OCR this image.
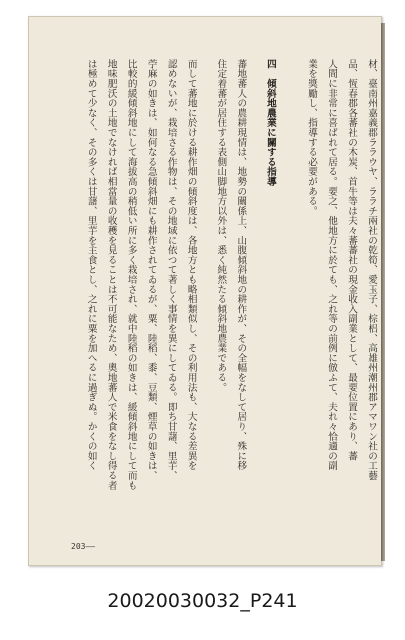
材、臺南州嘉義郡ララウヤ、ララチ兩社の乾筍、愛玉子、棕梠、高雄州潮州郡アマワン社の工藝
品、恆春郡各蕃社の木炭、首牛等は夫々蕃蕃社の現金收入副業として、最要位置にあり、蕃
人間に非常に喜ばれて居る。要之、他地方に於ても、之れ等の前例に倣ふて、夫れ々恰適の副
業を獎勵し、指導する必要がある。
四　傾斜地農業に關する指導
蕃地蕃人の農耕現情は、地勢の關係上、山腹傾斜地の耕作が、その全幅をなして居り、殊に移
住定着蕃が居住する表側山脚地方以外は、悉く純然たる傾斜地農業である。
而して蕃地に於ける耕作畑の傾斜度は、各地方とも略相類似し、その利用法も、大なる差異を
認めないが、栽培さる作物は、その地域に依つて著しく事情を異にしてゐる。即ち甘藷、里芋、
苧麻の如きは、如何なる急傾斜畑にも耕作されてゐるが、粟、陸稻、黍、豆類、煙草の如きは、
比較的緩傾斜地にして海拔高の稍低い所に多く栽培され、就中陸稻の如きは、緩傾斜地にして而も
地味肥沃の土地でなければ相當量の收穫を見ることは不可能なため、奧地蕃人で米食をなし得る者
は極めて少なく、その多くは甘藷、里芋を主食とし、之れに粟を加へるに過ぎぬ。かくの如く
203——
20020030032_P241
